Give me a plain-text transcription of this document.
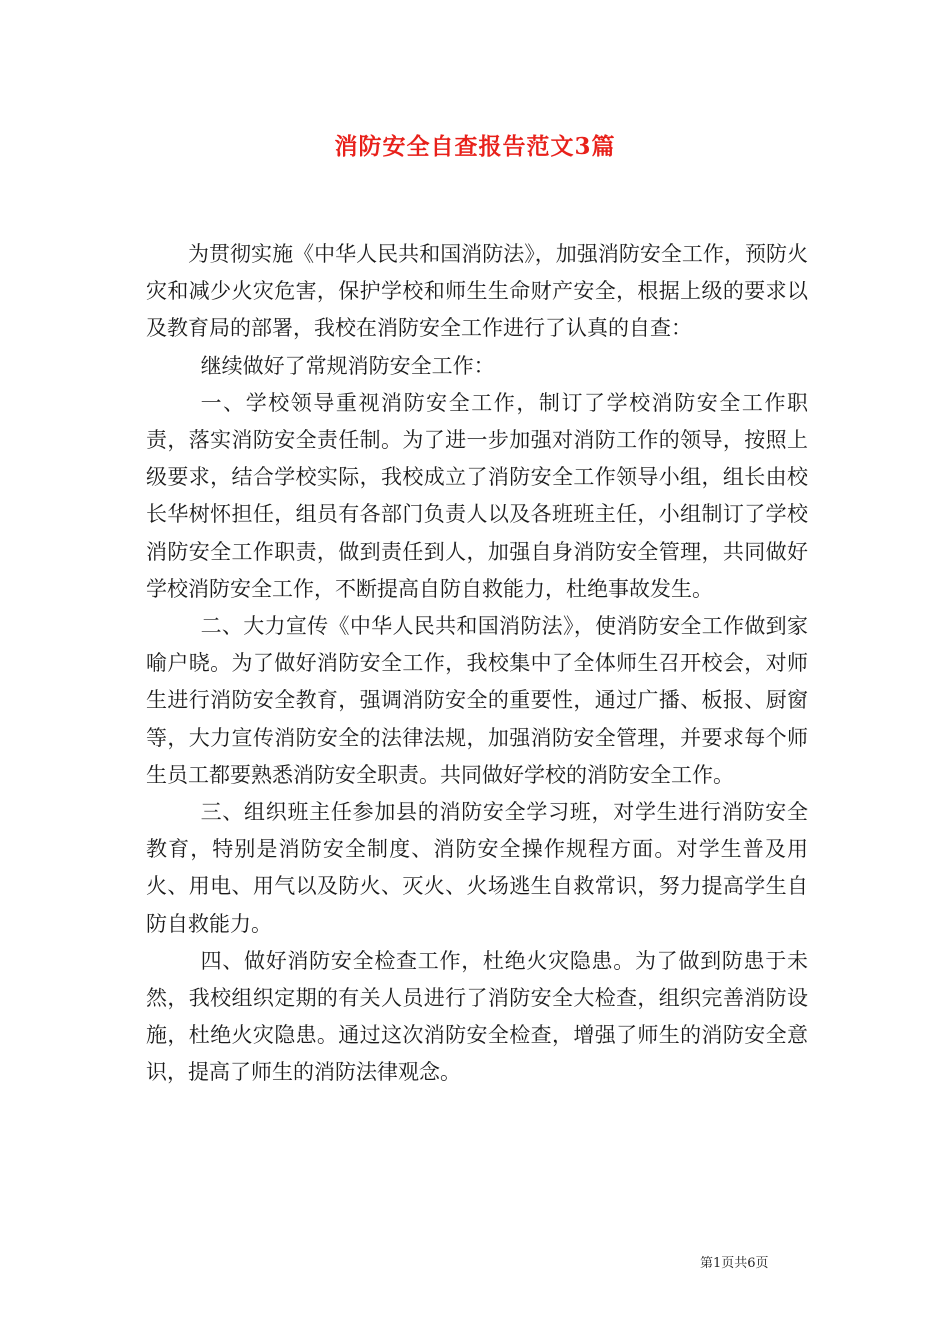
消防安全自查报告范文3篇

为贯彻实施《中华人民共和国消防法》，加强消防安全工作，预防火灾和减少火灾危害，保护学校和师生生命财产安全，根据上级的要求以及教育局的部署，我校在消防安全工作进行了认真的自查：

继续做好了常规消防安全工作：

一、学校领导重视消防安全工作，制订了学校消防安全工作职责，落实消防安全责任制。为了进一步加强对消防工作的领导，按照上级要求，结合学校实际，我校成立了消防安全工作领导小组，组长由校长华树怀担任，组员有各部门负责人以及各班班主任，小组制订了学校消防安全工作职责，做到责任到人，加强自身消防安全管理，共同做好学校消防安全工作，不断提高自防自救能力，杜绝事故发生。

二、大力宣传《中华人民共和国消防法》，使消防安全工作做到家喻户晓。为了做好消防安全工作，我校集中了全体师生召开校会，对师生进行消防安全教育，强调消防安全的重要性，通过广播、板报、厨窗等，大力宣传消防安全的法律法规，加强消防安全管理，并要求每个师生员工都要熟悉消防安全职责。共同做好学校的消防安全工作。

三、组织班主任参加县的消防安全学习班，对学生进行消防安全教育，特别是消防安全制度、消防安全操作规程方面。对学生普及用火、用电、用气以及防火、灭火、火场逃生自救常识，努力提高学生自防自救能力。

四、做好消防安全检查工作，杜绝火灾隐患。为了做到防患于未然，我校组织定期的有关人员进行了消防安全大检查，组织完善消防设施，杜绝火灾隐患。通过这次消防安全检查，增强了师生的消防安全意识，提高了师生的消防法律观念。

第1页共6页
